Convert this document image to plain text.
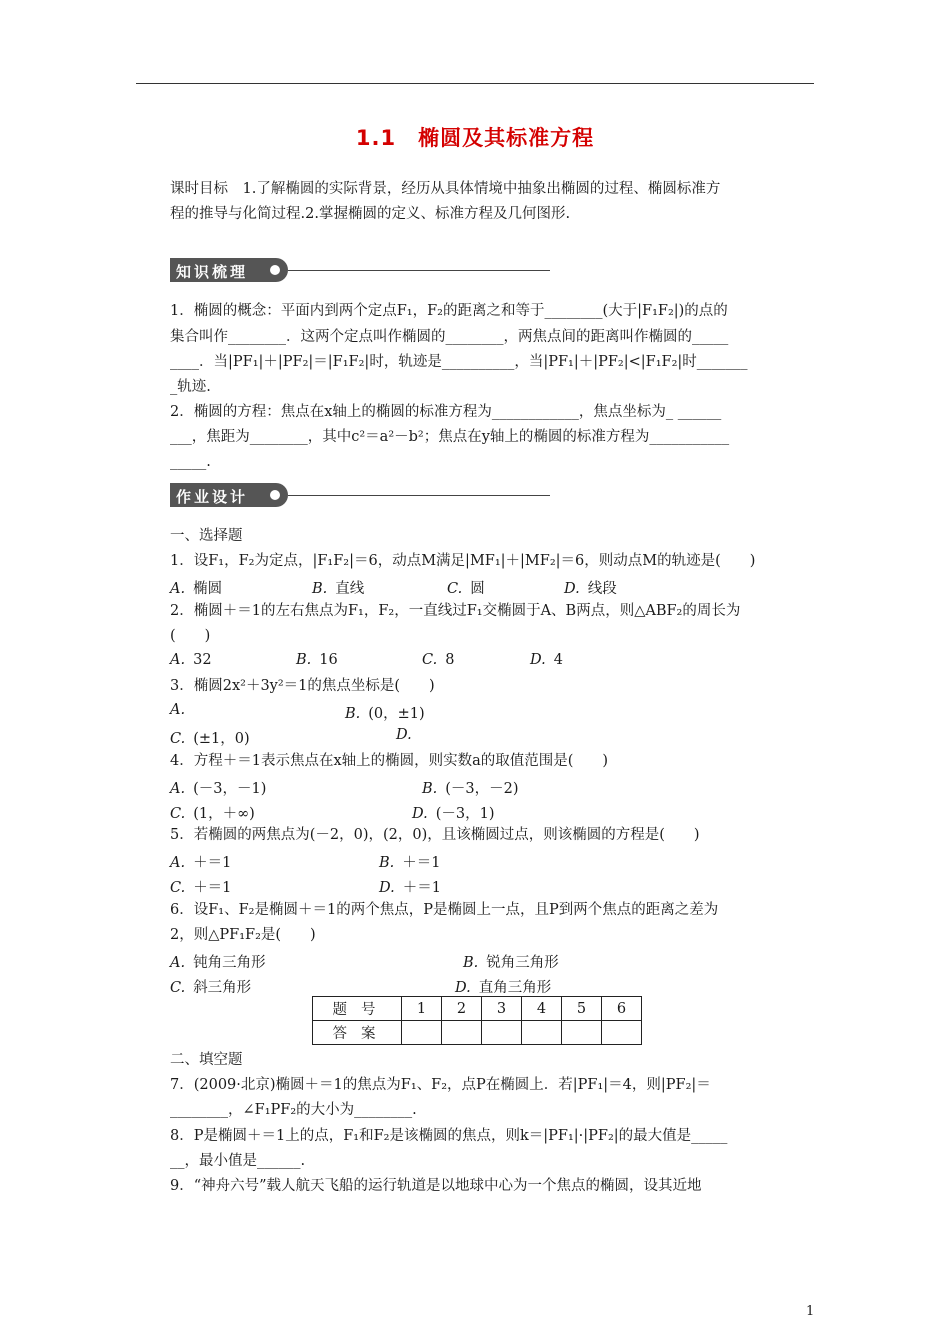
1.1　椭圆及其标准方程
课时目标　1.了解椭圆的实际背景，经历从具体情境中抽象出椭圆的过程、椭圆标准方
程的推导与化简过程.2.掌握椭圆的定义、标准方程及几何图形.
知识梳理
1．椭圆的概念：平面内到两个定点F₁，F₂的距离之和等于________(大于|F₁F₂|)的点的
集合叫作________．这两个定点叫作椭圆的________，两焦点间的距离叫作椭圆的_____
____．当|PF₁|＋|PF₂|＝|F₁F₂|时，轨迹是__________，当|PF₁|＋|PF₂|<|F₁F₂|时_______
_轨迹.
2．椭圆的方程：焦点在x轴上的椭圆的标准方程为____________，焦点坐标为_ ______
___，焦距为________，其中c²＝a²－b²；焦点在y轴上的椭圆的标准方程为___________
_____.
作业设计
一、选择题
1．设F₁，F₂为定点，|F₁F₂|＝6，动点M满足|MF₁|＋|MF₂|＝6，则动点M的轨迹是(　　)
A. 椭圆	B. 直线	C. 圆	D. 线段
2．椭圆＋＝1的左右焦点为F₁，F₂，一直线过F₁交椭圆于A、B两点，则△ABF₂的周长为
(　　)
A. 32	B. 16	C. 8	D. 4
3．椭圆2x²＋3y²＝1的焦点坐标是(　　)
A.	B. (0，±1)
C. (±1，0)	D.
4．方程＋＝1表示焦点在x轴上的椭圆，则实数a的取值范围是(　　)
A. (－3，－1)	B. (－3，－2)
C. (1，＋∞)	D. (－3，1)
5．若椭圆的两焦点为(－2，0)，(2，0)，且该椭圆过点，则该椭圆的方程是(　　)
A. ＋＝1	B. ＋＝1
C. ＋＝1	D. ＋＝1
6．设F₁、F₂是椭圆＋＝1的两个焦点，P是椭圆上一点，且P到两个焦点的距离之差为
2，则△PF₁F₂是(　　)
A. 钝角三角形	B. 锐角三角形
C. 斜三角形	D. 直角三角形
题号	1	2	3	4	5	6
答案						
二、填空题
7．(2009·北京)椭圆＋＝1的焦点为F₁、F₂，点P在椭圆上．若|PF₁|＝4，则|PF₂|＝
________，∠F₁PF₂的大小为________.
8．P是椭圆＋＝1上的点，F₁和F₂是该椭圆的焦点，则k＝|PF₁|·|PF₂|的最大值是_____
__，最小值是______.
9．“神舟六号”载人航天飞船的运行轨道是以地球中心为一个焦点的椭圆，设其近地
1
